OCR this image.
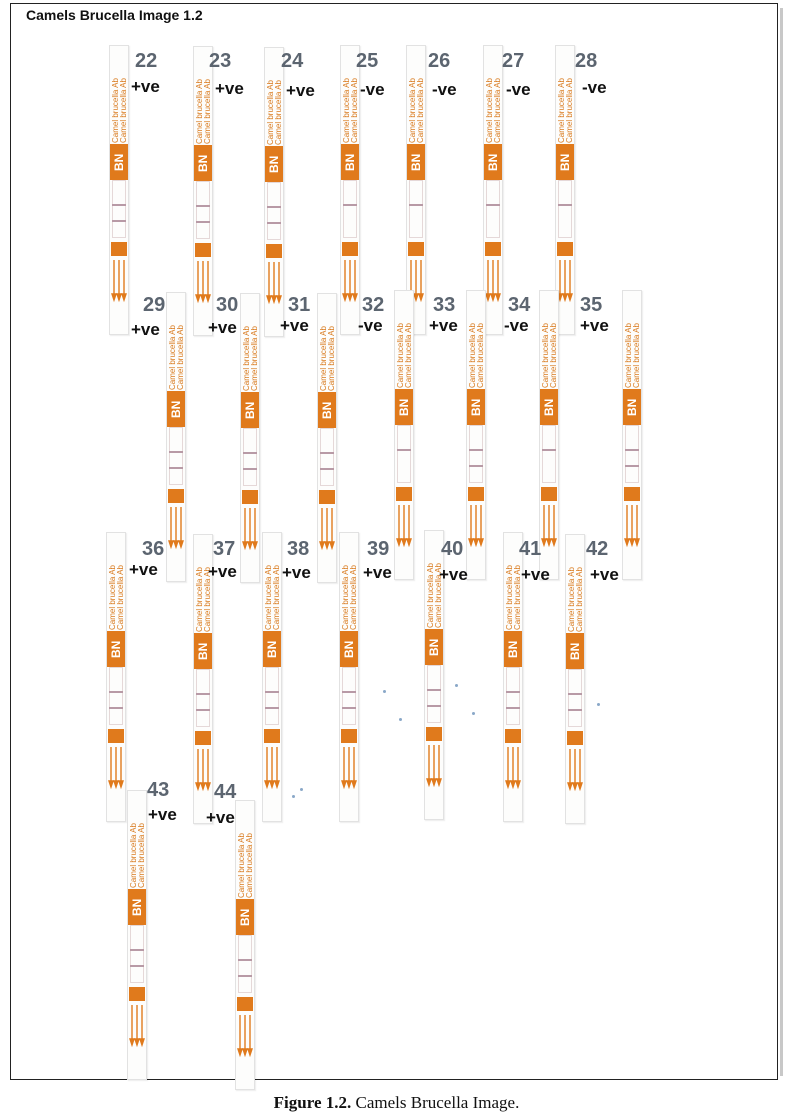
Camels Brucella Image 1.2
Figure 1.2. Camels Brucella Image.
Camel brucella Ab Camel brucella Ab
BN
22
+ve	Camel brucella Ab Camel brucella Ab
BN
23
+ve	Camel brucella Ab Camel brucella Ab
BN
24
+ve	Camel brucella Ab Camel brucella Ab
BN
25
-ve	Camel brucella Ab Camel brucella Ab
BN
26
-ve	Camel brucella Ab Camel brucella Ab
BN
27
-ve	Camel brucella Ab Camel brucella Ab
BN
28
-ve
Camel brucella Ab Camel brucella Ab
BN
29
+ve	Camel brucella Ab Camel brucella Ab
BN
30
+ve	Camel brucella Ab Camel brucella Ab
BN
31
+ve	Camel brucella Ab Camel brucella Ab
BN
32
-ve	Camel brucella Ab Camel brucella Ab
BN
33
+ve	Camel brucella Ab Camel brucella Ab
BN
34
-ve	Camel brucella Ab Camel brucella Ab
BN
35
+ve
Camel brucella Ab Camel brucella Ab
BN
36
+ve	Camel brucella Ab Camel brucella Ab
BN
37
+ve	Camel brucella Ab Camel brucella Ab
BN
38
+ve	Camel brucella Ab Camel brucella Ab
BN
39
+ve	Camel brucella Ab Camel brucella Ab
BN
40
+ve	Camel brucella Ab Camel brucella Ab
BN
41
+ve Camel brucella Ab Camel brucella Ab
BN
42
+ve
Camel brucella Ab Camel brucella Ab
BN
43
+ve
Camel brucella Ab Camel brucella Ab
BN
44
+ve
